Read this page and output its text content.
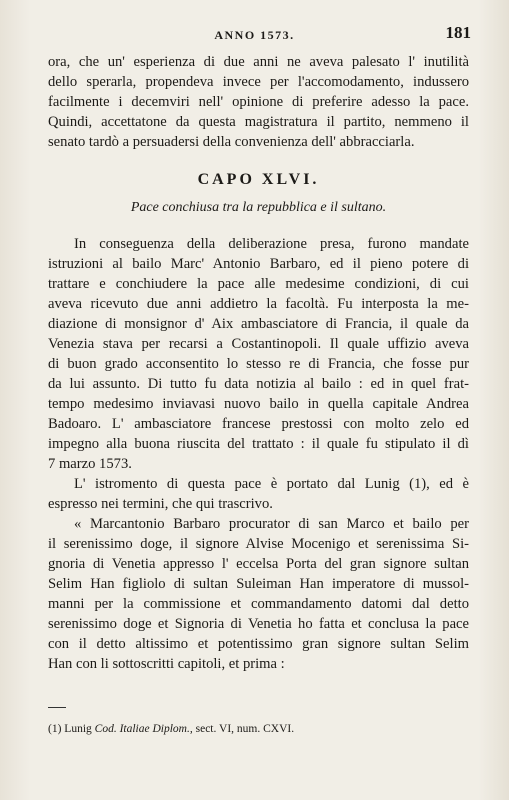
ANNO 1573.	181
ora, che un' esperienza di due anni ne aveva palesato l' inutilità
dello sperarla, propendeva invece per l'accomodamento, indussero
facilmente i decemviri nell' opinione di preferire adesso la pace.
Quindi, accettatone da questa magistratura il partito, nemmeno il
senato tardò a persuadersi della convenienza dell' abbracciarla.
CAPO XLVI.
Pace conchiusa tra la repubblica e il sultano.
In conseguenza della deliberazione presa, furono mandate
istruzioni al bailo Marc' Antonio Barbaro, ed il pieno potere di
trattare e conchiudere la pace alle medesime condizioni, di cui
aveva ricevuto due anni addietro la facoltà. Fu interposta la me-
diazione di monsignor d' Aix ambasciatore di Francia, il quale da
Venezia stava per recarsi a Costantinopoli. Il quale uffizio aveva
di buon grado acconsentito lo stesso re di Francia, che fosse pur
da lui assunto. Di tutto fu data notizia al bailo : ed in quel frat-
tempo medesimo inviavasi nuovo bailo in quella capitale Andrea
Badoaro. L' ambasciatore francese prestossi con molto zelo ed
impegno alla buona riuscita del trattato : il quale fu stipulato il dì
7 marzo 1573.
L' istromento di questa pace è portato dal Lunig (1), ed è
espresso nei termini, che qui trascrivo.
« Marcantonio Barbaro procurator di san Marco et bailo per
il serenissimo doge, il signore Alvise Mocenigo et serenissima Si-
gnoria di Venetia appresso l' eccelsa Porta del gran signore sultan
Selim Han figliolo di sultan Suleiman Han imperatore di mussol-
manni per la commissione et commandamento datomi dal detto
serenissimo doge et Signoria di Venetia ho fatta et conclusa la pace
con il detto altissimo et potentissimo gran signore sultan Selim
Han con li sottoscritti capitoli, et prima :
(1) Lunig Cod. Italiae Diplom., sect. VI, num. CXVI.
